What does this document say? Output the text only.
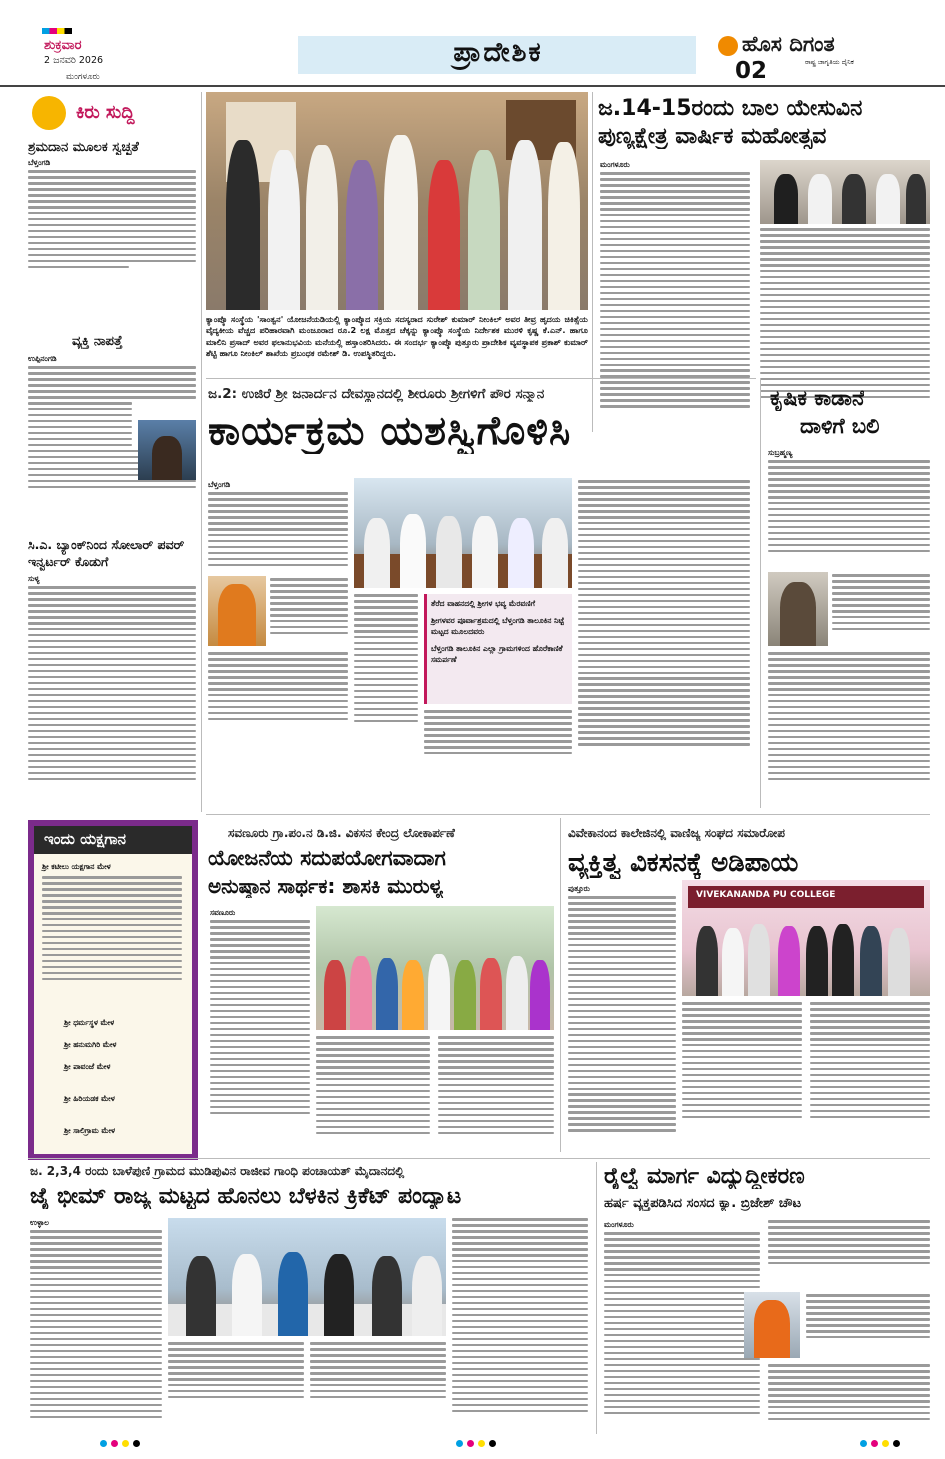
ಶುಕ್ರವಾರ
2 ಜನವರಿ 2026
ಮಂಗಳೂರು
ಪ್ರಾದೇಶಿಕ	ಹೊಸ ದಿಗಂತ
02	ರಾಷ್ಟ್ರ ಜಾಗೃತಿಯ ದೈನಿಕ
ಕಿರು ಸುದ್ದಿ
ಶ್ರಮದಾನ ಮೂಲಕ ಸ್ವಚ್ಛತೆ
ಬೆಳ್ತಂಗಡಿ
ವ್ಯಕ್ತಿ ನಾಪತ್ತೆ
ಉಪ್ಪಿನಂಗಡಿ
ಸಿ.ಎ. ಬ್ಯಾಂಕ್‌ನಿಂದ ಸೋಲಾರ್ ಪವರ್ ಇನ್ವರ್ಟರ್ ಕೊಡುಗೆ
ಸುಳ್ಯ
ಕ್ಯಾಂಪ್ಕೊ ಸಂಸ್ಥೆಯ 'ಸಾಂತ್ವನ' ಯೋಜನೆಯಡಿಯಲ್ಲಿ ಕ್ಯಾಂಪ್ಕೊದ ಸಕ್ರಿಯ ಸದಸ್ಯರಾದ ಸುರೇಶ್ ಕುಮಾರ್ ನೀಂಕಿಲ್ ಅವರ ತೀವ್ರ ಹೃದಯ ಚಿಕಿತ್ಸೆಯ ವೈದ್ಯಕೀಯ ವೆಚ್ಚದ ಪರಿಹಾರವಾಗಿ ಮಂಜೂರಾದ ರೂ.2 ಲಕ್ಷ ಮೊತ್ತದ ಚೆಕ್ಕನ್ನು ಕ್ಯಾಂಪ್ಕೊ ಸಂಸ್ಥೆಯ ನಿರ್ದೇಶಕ ಮುರಳಿ ಕೃಷ್ಣ ಕೆ.ಎನ್. ಹಾಗೂ ಮಾಲಿನಿ ಪ್ರಸಾದ್ ಅವರ ಫಲಾನುಭವಿಯ ಮನೆಯಲ್ಲಿ ಹಸ್ತಾಂತರಿಸಿದರು. ಈ ಸಂದರ್ಭ ಕ್ಯಾಂಪ್ಕೊ ಪುತ್ತೂರು ಪ್ರಾದೇಶಿಕ ವ್ಯವಸ್ಥಾಪಕ ಪ್ರಕಾಶ್ ಕುಮಾರ್ ಶೆಟ್ಟಿ ಹಾಗೂ ನೀಂಕಿಲ್ ಶಾಖೆಯ ಪ್ರಬಂಧಕ ರಮೇಶ್ ಡಿ. ಉಪಸ್ಥಿತರಿದ್ದರು.
ಜ.14-15ರಂದು ಬಾಲ ಯೇಸುವಿನ
ಪುಣ್ಯಕ್ಷೇತ್ರ ವಾರ್ಷಿಕ ಮಹೋತ್ಸವ
ಮಂಗಳೂರು
ಜ.2: ಉಜಿರೆ ಶ್ರೀ ಜನಾರ್ದನ ದೇವಸ್ಥಾನದಲ್ಲಿ ಶೀರೂರು ಶ್ರೀಗಳಿಗೆ ಪೌರ ಸನ್ಮಾನ
ಕಾರ್ಯಕ್ರಮ ಯಶಸ್ವಿಗೊಳಿಸಿ
ಬೆಳ್ತಂಗಡಿ
ತೆರೆದ ವಾಹನದಲ್ಲಿ ಶ್ರೀಗಳ ಭವ್ಯ ಮೆರವಣಿಗೆ
ಶ್ರೀಗಳವರ ಪೂರ್ವಾಶ್ರಮದಲ್ಲಿ ಬೆಳ್ತಂಗಡಿ ತಾಲೂಕಿನ ನಿಟ್ಟೆ ಮಟ್ಟದ ಮೂಲದವರು
ಬೆಳ್ತಂಗಡಿ ತಾಲೂಕಿನ ಎಲ್ಲಾ ಗ್ರಾಮಗಳಿಂದ ಹೊರೆಕಾಣಿಕೆ ಸಮರ್ಪಣೆ
ಕೃಷಿಕ ಕಾಡಾನೆ
ದಾಳಿಗೆ ಬಲಿ
ಸುಬ್ರಹ್ಮಣ್ಯ
ಇಂದು ಯಕ್ಷಗಾನ
ಶ್ರೀ ಕಟೀಲು ಯಕ್ಷಗಾನ ಮೇಳ
ಶ್ರೀ ಧರ್ಮಸ್ಥಳ ಮೇಳ
ಶ್ರೀ ಹನುಮಗಿರಿ ಮೇಳ
ಶ್ರೀ ಪಾವಂಜೆ ಮೇಳ
ಶ್ರೀ ಹಿರಿಯಡಕ ಮೇಳ
ಶ್ರೀ ಸಾಲಿಗ್ರಾಮ ಮೇಳ
ಸವಣೂರು ಗ್ರಾ.ಪಂ.ನ ಡಿ.ಜಿ. ವಿಕಸನ ಕೇಂದ್ರ ಲೋಕಾರ್ಪಣೆ
ಯೋಜನೆಯ ಸದುಪಯೋಗವಾದಾಗ
ಅನುಷ್ಠಾನ ಸಾರ್ಥಕ: ಶಾಸಕಿ ಮುರುಳ್ಯ
ಸವಣೂರು
ವಿವೇಕಾನಂದ ಕಾಲೇಜಿನಲ್ಲಿ ವಾಣಿಜ್ಯ ಸಂಘದ ಸಮಾರೋಪ
ವ್ಯಕ್ತಿತ್ವ ವಿಕಸನಕ್ಕೆ ಅಡಿಪಾಯ
ಪುತ್ತೂರು
VIVEKANANDA PU COLLEGE
ಜ. 2,3,4 ರಂದು ಬಾಳೆಪುಣಿ ಗ್ರಾಮದ ಮುಡಿಪುವಿನ ರಾಜೀವ ಗಾಂಧಿ ಪಂಚಾಯತ್ ಮೈದಾನದಲ್ಲಿ
ಜೈ ಭೀಮ್ ರಾಜ್ಯ ಮಟ್ಟದ ಹೊನಲು ಬೆಳಕಿನ ಕ್ರಿಕೆಟ್ ಪಂದ್ಯಾಟ
ಉಳ್ಳಾಲ
ರೈಲ್ವೆ ಮಾರ್ಗ ವಿದ್ಯುದ್ದೀಕರಣ
ಹರ್ಷ ವ್ಯಕ್ತಪಡಿಸಿದ ಸಂಸದ ಕ್ಯಾ. ಬ್ರಿಜೇಶ್ ಚೌಟ
ಮಂಗಳೂರು
